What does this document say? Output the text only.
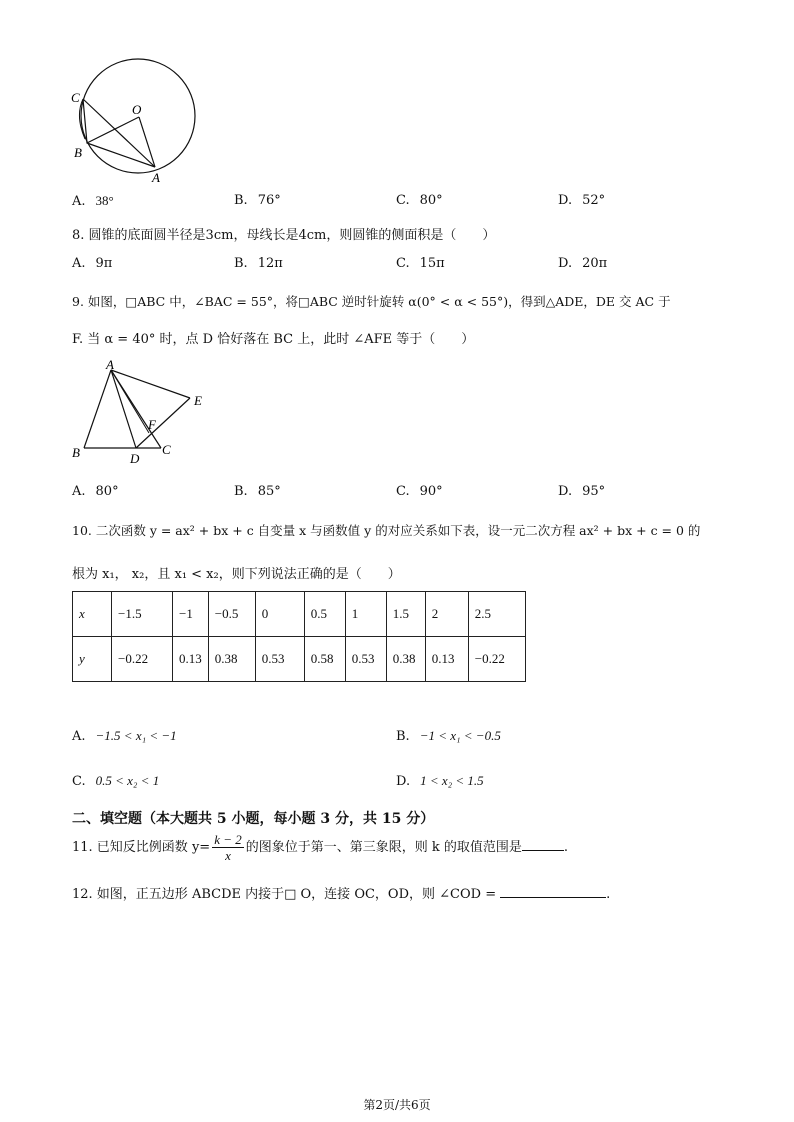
C
O
B
A
A. 38°	B. 76°	C. 80°	D. 52°
8. 圆锥的底面圆半径是3cm，母线长是4cm，则圆锥的侧面积是（　　）
A. 9π	B. 12π	C. 15π	D. 20π
9. 如图，□ABC 中，∠BAC = 55°，将□ABC 逆时针旋转 α(0° < α < 55°)，得到△ADE，DE 交 AC 于
F. 当 α = 40° 时，点 D 恰好落在 BC 上，此时 ∠AFE 等于（　　）
A
E
F
B	D
C
A. 80°	B. 85°	C. 90°	D. 95°
10. 二次函数 y = ax² + bx + c 自变量 x 与函数值 y 的对应关系如下表，设一元二次方程 ax² + bx + c = 0 的
根为 x₁， x₂，且 x₁ < x₂，则下列说法正确的是（　　）
x	−1.5	−1	−0.5	0	0.5	1	1.5	2	2.5
y	−0.22	0.13	0.38	0.53	0.58	0.53	0.38	0.13	−0.22
A. −1.5 < x₁ < −1	B. −1 < x₁ < −0.5
C. 0.5 < x₂ < 1	D. 1 < x₂ < 1.5
二、填空题（本大题共 5 小题，每小题 3 分，共 15 分）
11. 已知反比例函数 $y= \frac{k - 2}{x}$ 的图象位于第一、第三象限，则 k 的取值范围是	.
12. 如图，正五边形 ABCDE 内接于□ O，连接 OC，OD，则 ∠COD =	.
第2页/共6页
